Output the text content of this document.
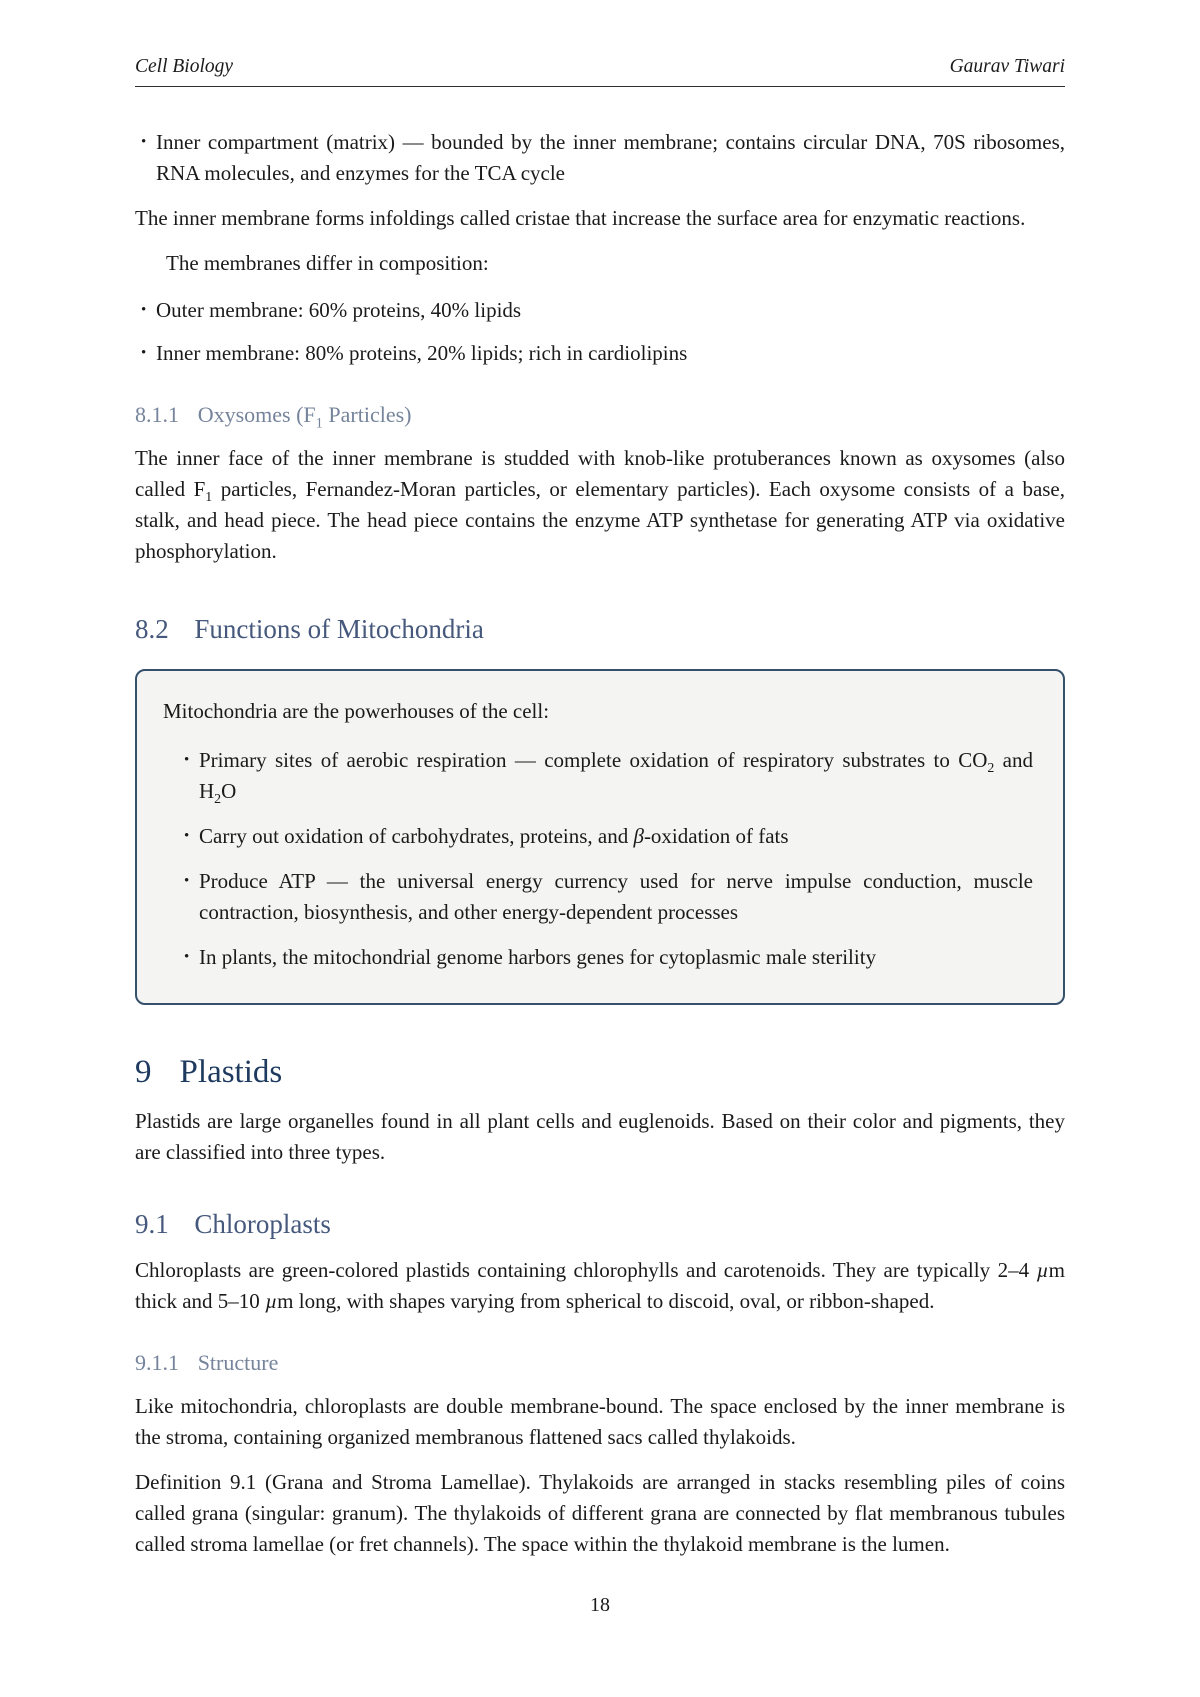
Cell Biology	Gaurav Tiwari
• Inner compartment (matrix) — bounded by the inner membrane; contains circular DNA, 70S ribosomes, RNA molecules, and enzymes for the TCA cycle

The inner membrane forms infoldings called cristae that increase the surface area for enzymatic reactions.

The membranes differ in composition:

• Outer membrane: 60% proteins, 40% lipids
• Inner membrane: 80% proteins, 20% lipids; rich in cardiolipins
8.1.1 Oxysomes ($F_1$ Particles)

The inner face of the inner membrane is studded with knob-like protuberances known as oxysomes (also called $F_1$ particles, Fernandez-Moran particles, or elementary particles). Each oxysome consists of a base, stalk, and head piece. The head piece contains the enzyme ATP synthetase for generating ATP via oxidative phosphorylation.

8.2 Functions of Mitochondria

Mitochondria are the powerhouses of the cell:

• Primary sites of aerobic respiration — complete oxidation of respiratory substrates to $CO_2$ and $H_2O$
• Carry out oxidation of carbohydrates, proteins, and β-oxidation of fats
• Produce ATP — the universal energy currency used for nerve impulse conduction, muscle contraction, biosynthesis, and other energy-dependent processes
• In plants, the mitochondrial genome harbors genes for cytoplasmic male sterility
9 Plastids

Plastids are large organelles found in all plant cells and euglenoids. Based on their color and pigments, they are classified into three types.

9.1 Chloroplasts

Chloroplasts are green-colored plastids containing chlorophylls and carotenoids. They are typically 2–4 µm thick and 5–10 µm long, with shapes varying from spherical to discoid, oval, or ribbon-shaped.

9.1.1 Structure

Like mitochondria, chloroplasts are double membrane-bound. The space enclosed by the inner membrane is the stroma, containing organized membranous flattened sacs called thylakoids.

Definition 9.1 (Grana and Stroma Lamellae). Thylakoids are arranged in stacks resembling piles of coins called grana (singular: granum). The thylakoids of different grana are connected by flat membranous tubules called stroma lamellae (or fret channels). The space within the thylakoid membrane is the lumen.

18
